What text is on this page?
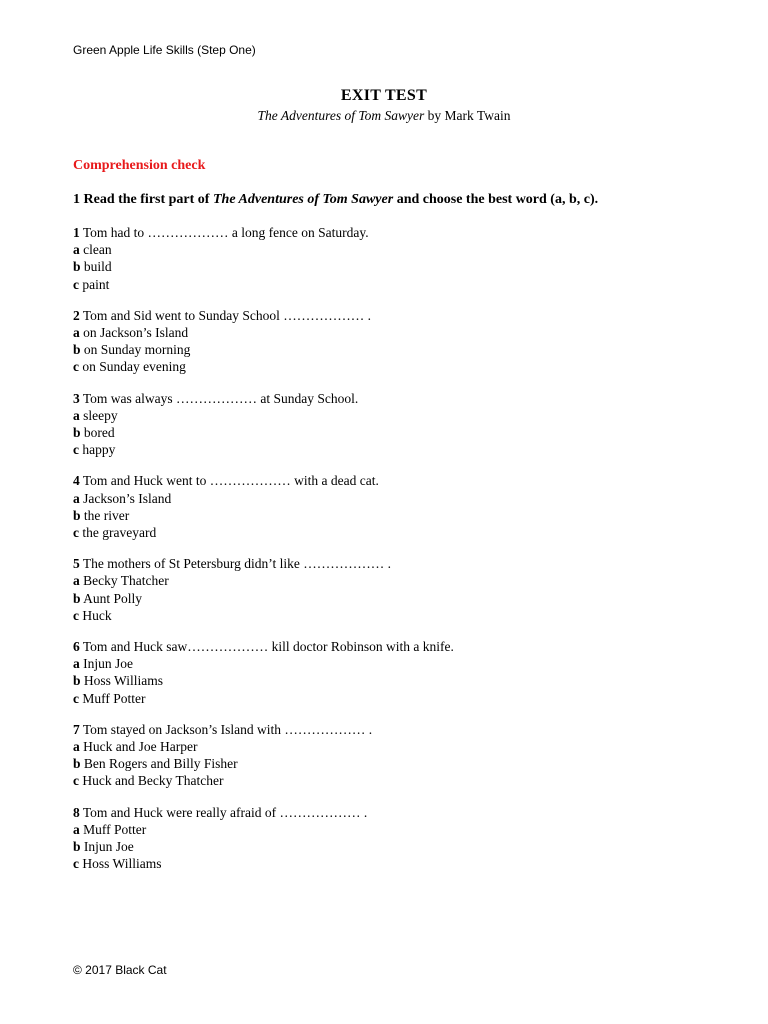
Green Apple Life Skills (Step One)
EXIT TEST
The Adventures of Tom Sawyer by Mark Twain
Comprehension check
1 Read the first part of The Adventures of Tom Sawyer and choose the best word (a, b, c).
1 Tom had to ……………… a long fence on Saturday.
a clean
b build
c paint
2 Tom and Sid went to Sunday School ……………… .
a on Jackson’s Island
b on Sunday morning
c on Sunday evening
3 Tom was always ……………… at Sunday School.
a sleepy
b bored
c happy
4 Tom and Huck went to ……………… with a dead cat.
a Jackson’s Island
b the river
c the graveyard
5 The mothers of St Petersburg didn’t like ……………… .
a Becky Thatcher
b Aunt Polly
c Huck
6 Tom and Huck saw……………… kill doctor Robinson with a knife.
a Injun Joe
b Hoss Williams
c Muff Potter
7 Tom stayed on Jackson’s Island with ……………… .
a Huck and Joe Harper
b Ben Rogers and Billy Fisher
c Huck and Becky Thatcher
8 Tom and Huck were really afraid of ……………… .
a Muff Potter
b Injun Joe
c Hoss Williams
© 2017 Black Cat
